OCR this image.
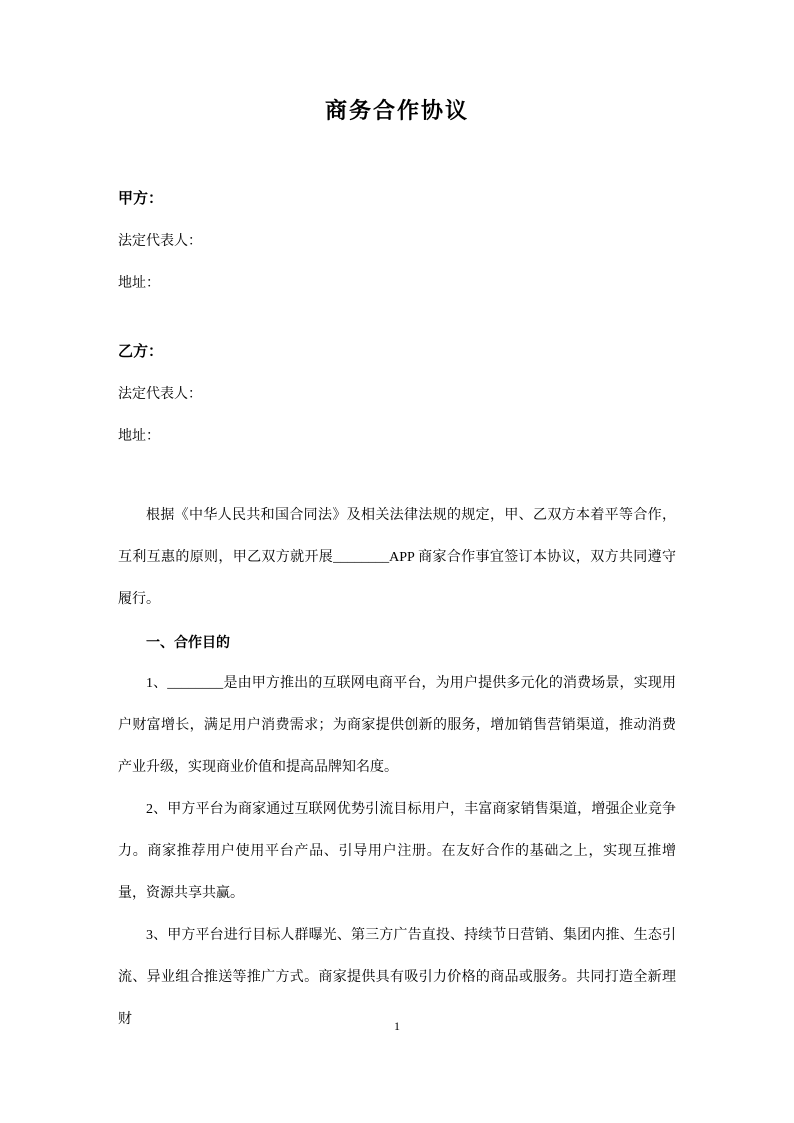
商务合作协议
甲方：
法定代表人：
地址：
乙方：
法定代表人：
地址：

根据《中华人民共和国合同法》及相关法律法规的规定，甲、乙双方本着平等合作，互利互惠的原则，甲乙双方就开展________APP 商家合作事宜签订本协议，双方共同遵守履行。

一、合作目的

1、________是由甲方推出的互联网电商平台，为用户提供多元化的消费场景，实现用户财富增长，满足用户消费需求；为商家提供创新的服务，增加销售营销渠道，推动消费产业升级，实现商业价值和提高品牌知名度。

2、甲方平台为商家通过互联网优势引流目标用户，丰富商家销售渠道，增强企业竞争力。商家推荐用户使用平台产品、引导用户注册。在友好合作的基础之上，实现互推增量，资源共享共赢。

3、甲方平台进行目标人群曝光、第三方广告直投、持续节日营销、集团内推、生态引流、异业组合推送等推广方式。商家提供具有吸引力价格的商品或服务。共同打造全新理财	1
